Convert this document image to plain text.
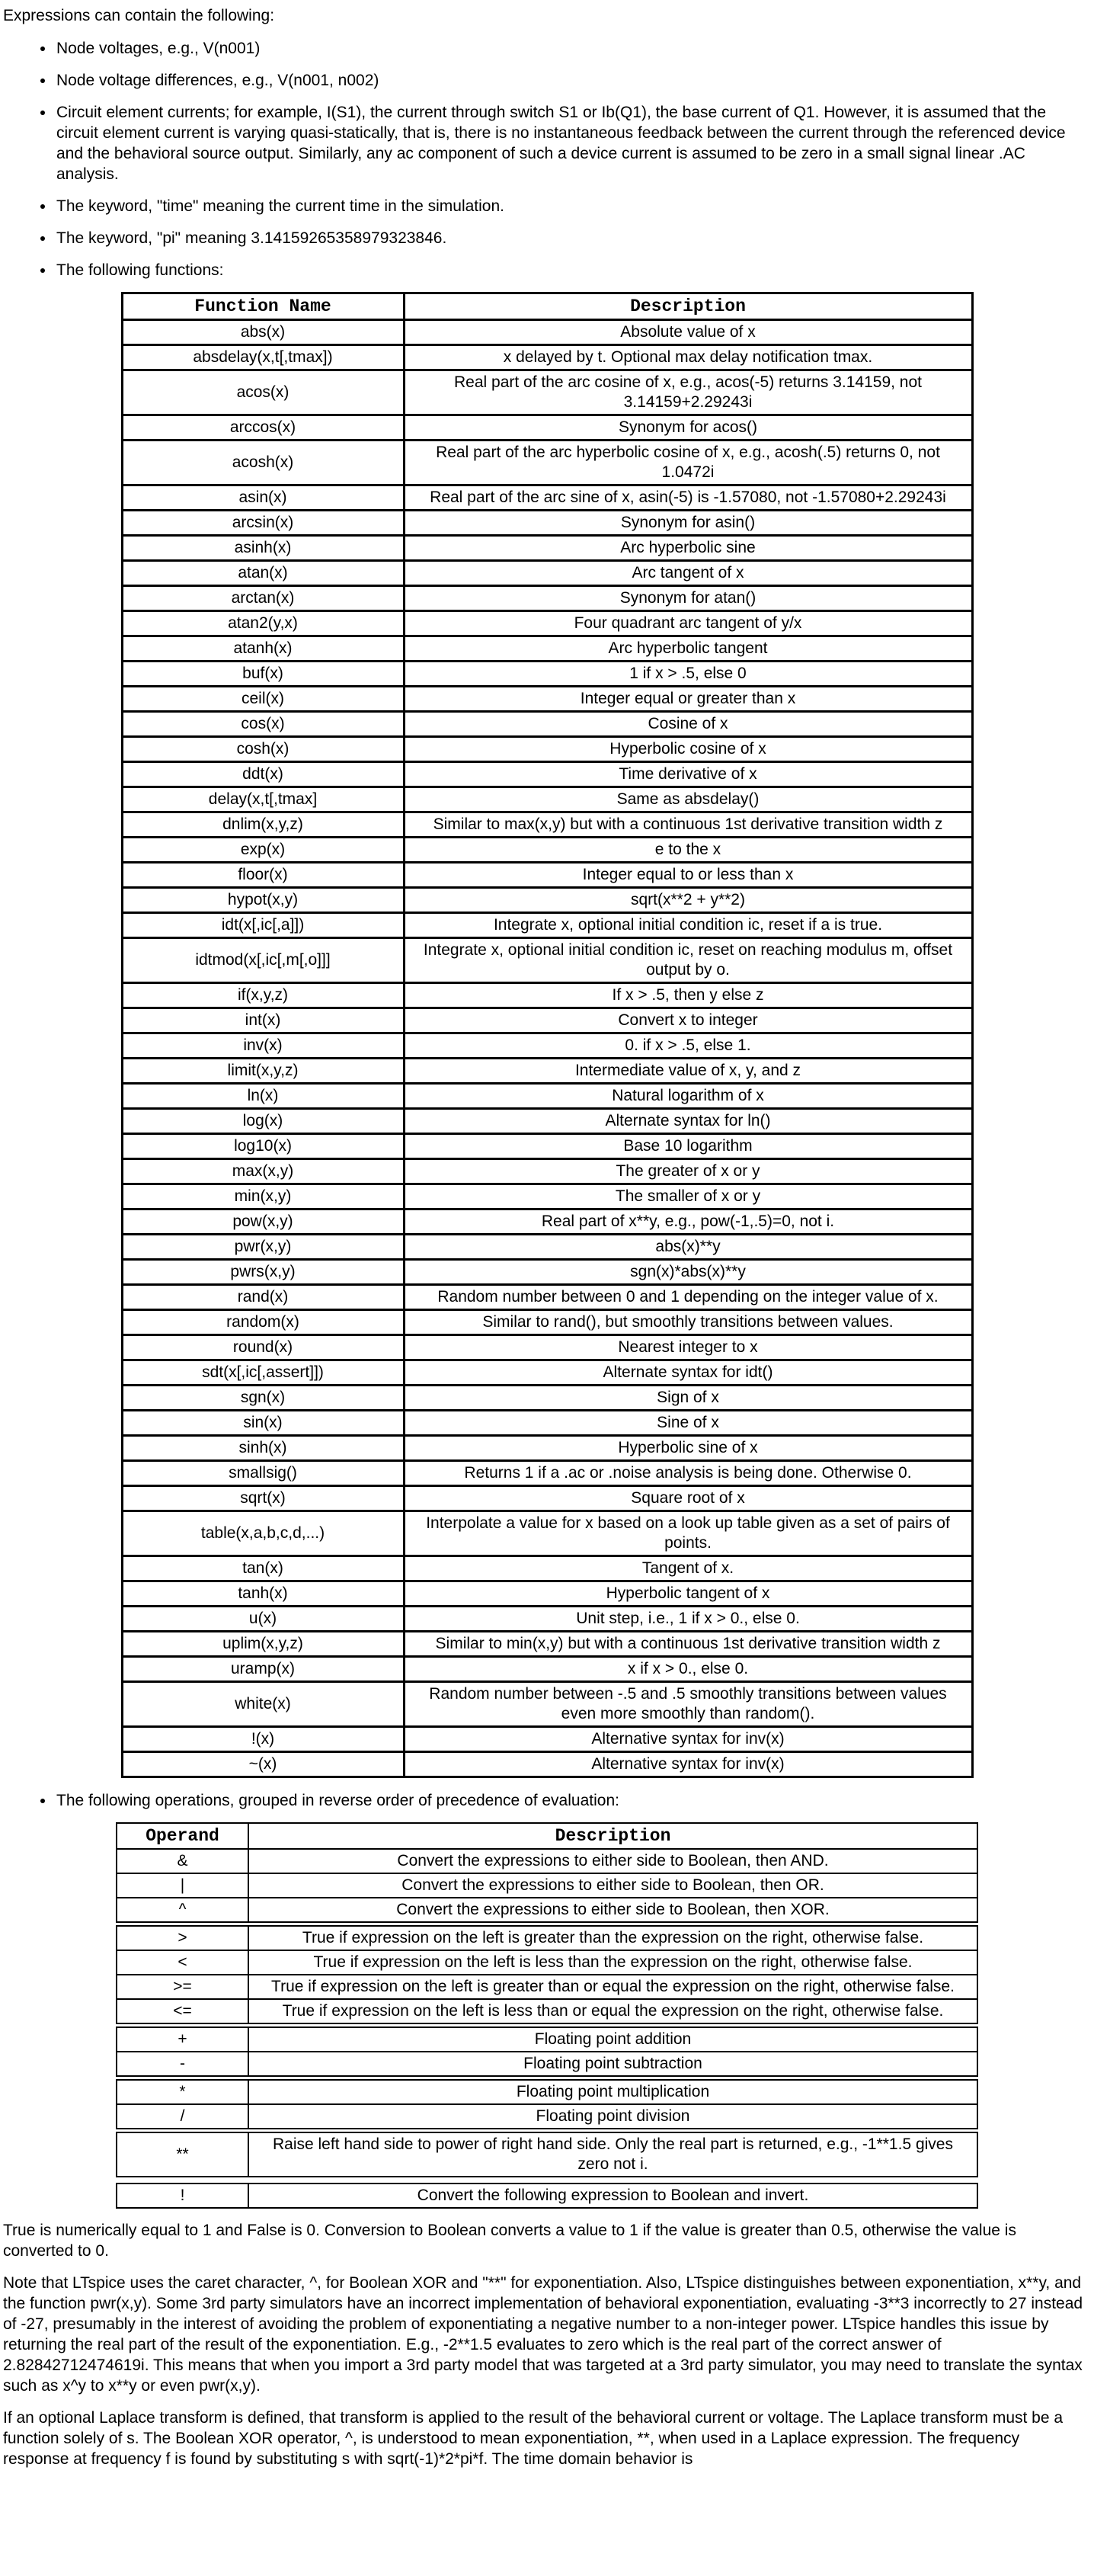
Expressions can contain the following:

• Node voltages, e.g., V(n001)
• Node voltage differences, e.g., V(n001, n002)
• Circuit element currents; for example, I(S1), the current through switch S1 or Ib(Q1), the base current of Q1. However, it is assumed that the circuit element current is varying quasi-statically, that is, there is no instantaneous feedback between the current through the referenced device and the behavioral source output. Similarly, any ac component of such a device current is assumed to be zero in a small signal linear .AC analysis.
• The keyword, "time" meaning the current time in the simulation.
• The keyword, "pi" meaning 3.14159265358979323846.
• The following functions:
Function Name	Description
abs(x)	Absolute value of x
absdelay(x,t[,tmax])	x delayed by t. Optional max delay notification tmax.
acos(x)	Real part of the arc cosine of x, e.g., acos(-5) returns 3.14159, not 3.14159+2.29243i
arccos(x)	Synonym for acos()
acosh(x)	Real part of the arc hyperbolic cosine of x, e.g., acosh(.5) returns 0, not 1.0472i
asin(x)	Real part of the arc sine of x, asin(-5) is -1.57080, not -1.57080+2.29243i
arcsin(x)	Synonym for asin()
asinh(x)	Arc hyperbolic sine
atan(x)	Arc tangent of x
arctan(x)	Synonym for atan()
atan2(y,x)	Four quadrant arc tangent of y/x
atanh(x)	Arc hyperbolic tangent
buf(x)	1 if x > .5, else 0
ceil(x)	Integer equal or greater than x
cos(x)	Cosine of x
cosh(x)	Hyperbolic cosine of x
ddt(x)	Time derivative of x
delay(x,t[,tmax]	Same as absdelay()
dnlim(x,y,z)	Similar to max(x,y) but with a continuous 1st derivative transition width z
exp(x)	e to the x
floor(x)	Integer equal to or less than x
hypot(x,y)	sqrt(x**2 + y**2)
idt(x[,ic[,a]])	Integrate x, optional initial condition ic, reset if a is true.
idtmod(x[,ic[,m[,o]]]	Integrate x, optional initial condition ic, reset on reaching modulus m, offset output by o.
if(x,y,z)	If x > .5, then y else z
int(x)	Convert x to integer
inv(x)	0. if x > .5, else 1.
limit(x,y,z)	Intermediate value of x, y, and z
ln(x)	Natural logarithm of x
log(x)	Alternate syntax for ln()
log10(x)	Base 10 logarithm
max(x,y)	The greater of x or y
min(x,y)	The smaller of x or y
pow(x,y)	Real part of x**y, e.g., pow(-1,.5)=0, not i.
pwr(x,y)	abs(x)**y
pwrs(x,y)	sgn(x)*abs(x)**y
rand(x)	Random number between 0 and 1 depending on the integer value of x.
random(x)	Similar to rand(), but smoothly transitions between values.
round(x)	Nearest integer to x
sdt(x[,ic[,assert]])	Alternate syntax for idt()
sgn(x)	Sign of x
sin(x)	Sine of x
sinh(x)	Hyperbolic sine of x
smallsig()	Returns 1 if a .ac or .noise analysis is being done. Otherwise 0.
sqrt(x)	Square root of x
table(x,a,b,c,d,...)	Interpolate a value for x based on a look up table given as a set of pairs of points.
tan(x)	Tangent of x.
tanh(x)	Hyperbolic tangent of x
u(x)	Unit step, i.e., 1 if x > 0., else 0.
uplim(x,y,z)	Similar to min(x,y) but with a continuous 1st derivative transition width z
uramp(x)	x if x > 0., else 0.
white(x)	Random number between -.5 and .5 smoothly transitions between values even more smoothly than random().
!(x)	Alternative syntax for inv(x)
~(x)	Alternative syntax for inv(x)
• The following operations, grouped in reverse order of precedence of evaluation:
Operand	Description
&	Convert the expressions to either side to Boolean, then AND.
|	Convert the expressions to either side to Boolean, then OR.
^	Convert the expressions to either side to Boolean, then XOR.
>	True if expression on the left is greater than the expression on the right, otherwise false.
<	True if expression on the left is less than the expression on the right, otherwise false.
>=	True if expression on the left is greater than or equal the expression on the right, otherwise false.
<=	True if expression on the left is less than or equal the expression on the right, otherwise false.
+	Floating point addition
-	Floating point subtraction
*	Floating point multiplication
/	Floating point division
**	Raise left hand side to power of right hand side. Only the real part is returned, e.g., -1**1.5 gives zero not i.
!	Convert the following expression to Boolean and invert.

True is numerically equal to 1 and False is 0. Conversion to Boolean converts a value to 1 if the value is greater than 0.5, otherwise the value is converted to 0.

Note that LTspice uses the caret character, ^, for Boolean XOR and "**" for exponentiation. Also, LTspice distinguishes between exponentiation, x**y, and the function pwr(x,y). Some 3rd party simulators have an incorrect implementation of behavioral exponentiation, evaluating -3**3 incorrectly to 27 instead of -27, presumably in the interest of avoiding the problem of exponentiating a negative number to a non-integer power. LTspice handles this issue by returning the real part of the result of the exponentiation. E.g., -2**1.5 evaluates to zero which is the real part of the correct answer of 2.82842712474619i. This means that when you import a 3rd party model that was targeted at a 3rd party simulator, you may need to translate the syntax such as x^y to x**y or even pwr(x,y).

If an optional Laplace transform is defined, that transform is applied to the result of the behavioral current or voltage. The Laplace transform must be a function solely of s. The Boolean XOR operator, ^, is understood to mean exponentiation, **, when used in a Laplace expression. The frequency response at frequency f is found by substituting s with sqrt(-1)*2*pi*f. The time domain behavior is
